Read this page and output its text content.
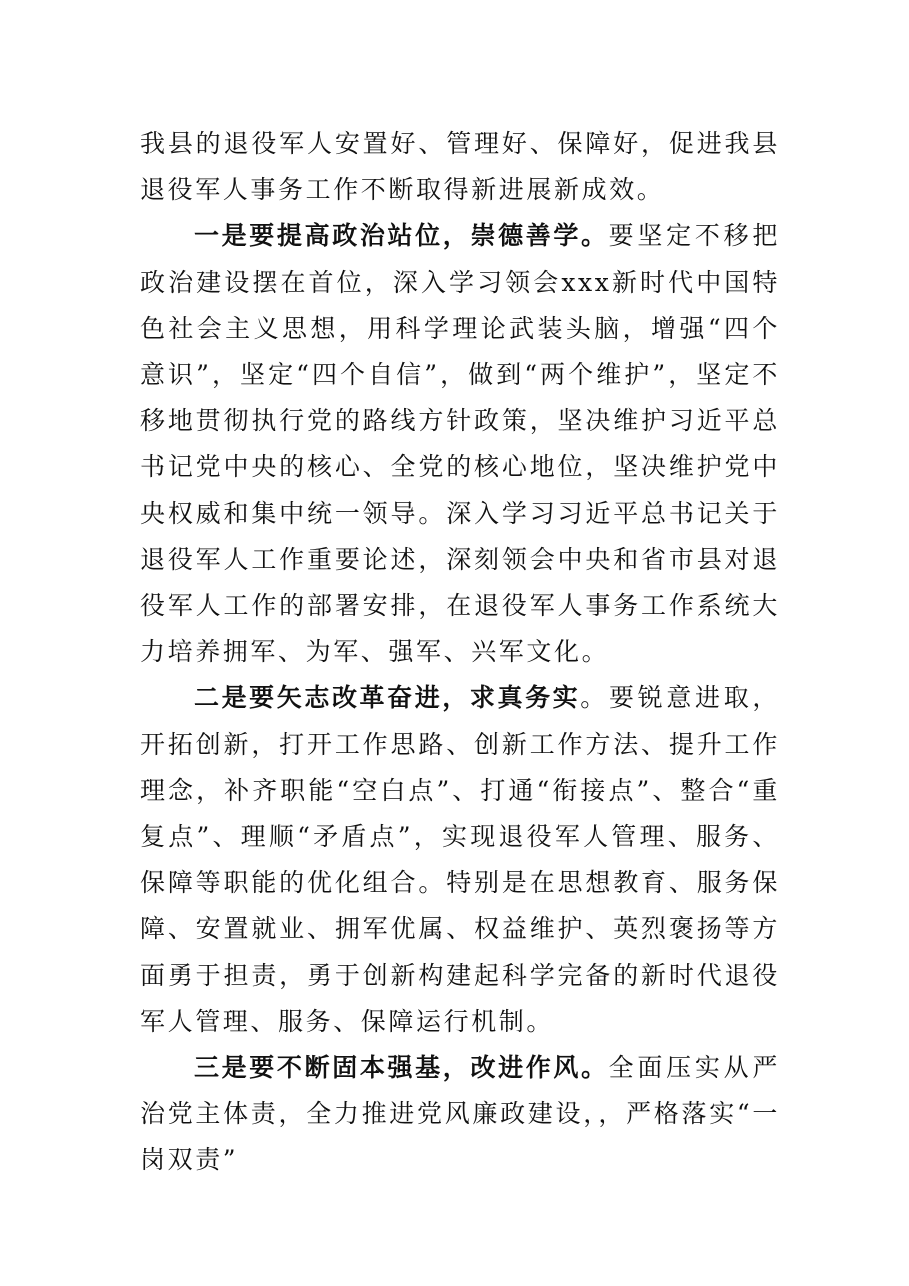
我县的退役军人安置好、管理好、保障好，促进我县退役军人事务工作不断取得新进展新成效。

一是要提高政治站位，崇德善学。要坚定不移把政治建设摆在首位，深入学习领会xxx新时代中国特色社会主义思想，用科学理论武装头脑，增强“四个意识”，坚定“四个自信”，做到“两个维护”，坚定不移地贯彻执行党的路线方针政策，坚决维护习近平总书记党中央的核心、全党的核心地位，坚决维护党中央权威和集中统一领导。深入学习习近平总书记关于退役军人工作重要论述，深刻领会中央和省市县对退役军人工作的部署安排，在退役军人事务工作系统大力培养拥军、为军、强军、兴军文化。

二是要矢志改革奋进，求真务实。要锐意进取，开拓创新，打开工作思路、创新工作方法、提升工作理念，补齐职能“空白点”、打通“衔接点”、整合“重复点”、理顺“矛盾点”，实现退役军人管理、服务、保障等职能的优化组合。特别是在思想教育、服务保障、安置就业、拥军优属、权益维护、英烈褒扬等方面勇于担责，勇于创新构建起科学完备的新时代退役军人管理、服务、保障运行机制。

三是要不断固本强基，改进作风。全面压实从严治党主体责，全力推进党风廉政建设，，严格落实“一岗双责”
